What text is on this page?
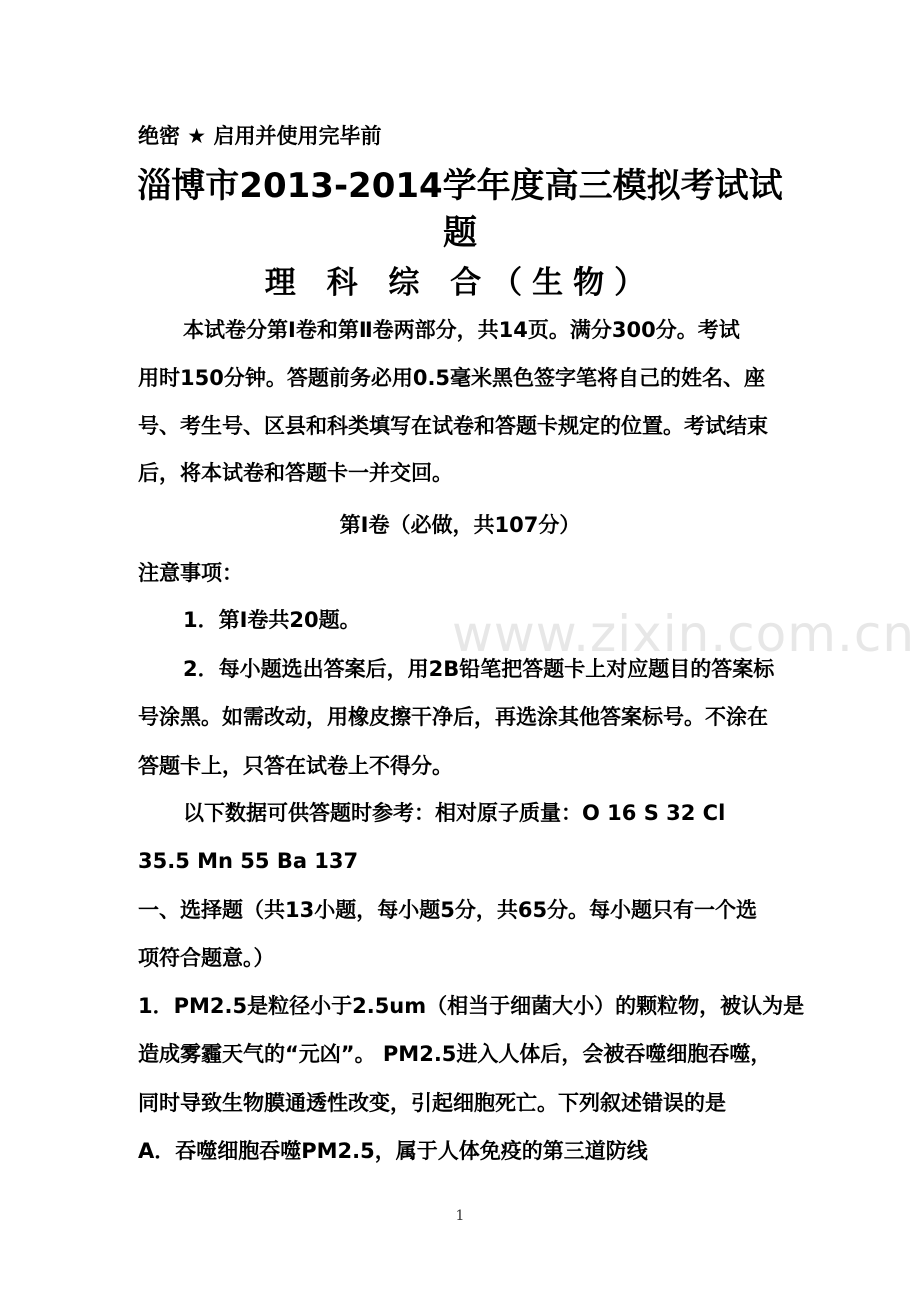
www.zixin.com.cn
绝密 ★ 启用并使用完毕前
淄博市2013-2014学年度高三模拟考试试
题
理 科 综 合（生物）
本试卷分第Ⅰ卷和第Ⅱ卷两部分，共14页。满分300分。考试
用时150分钟。答题前务必用0.5毫米黑色签字笔将自己的姓名、座
号、考生号、区县和科类填写在试卷和答题卡规定的位置。考试结束
后，将本试卷和答题卡一并交回。
第Ⅰ卷（必做，共107分）
注意事项：
1．第Ⅰ卷共20题。
2．每小题选出答案后，用2B铅笔把答题卡上对应题目的答案标
号涂黑。如需改动，用橡皮擦干净后，再选涂其他答案标号。不涂在
答题卡上，只答在试卷上不得分。
以下数据可供答题时参考：相对原子质量：O 16 S 32 Cl
35.5 Mn 55 Ba 137
一、选择题（共13小题，每小题5分，共65分。每小题只有一个选
项符合题意。）
1．PM2.5是粒径小于2.5um（相当于细菌大小）的颗粒物，被认为是
造成雾霾天气的“元凶”。 PM2.5进入人体后，会被吞噬细胞吞噬，
同时导致生物膜通透性改变，引起细胞死亡。下列叙述错误的是
A．吞噬细胞吞噬PM2.5，属于人体免疫的第三道防线
1
